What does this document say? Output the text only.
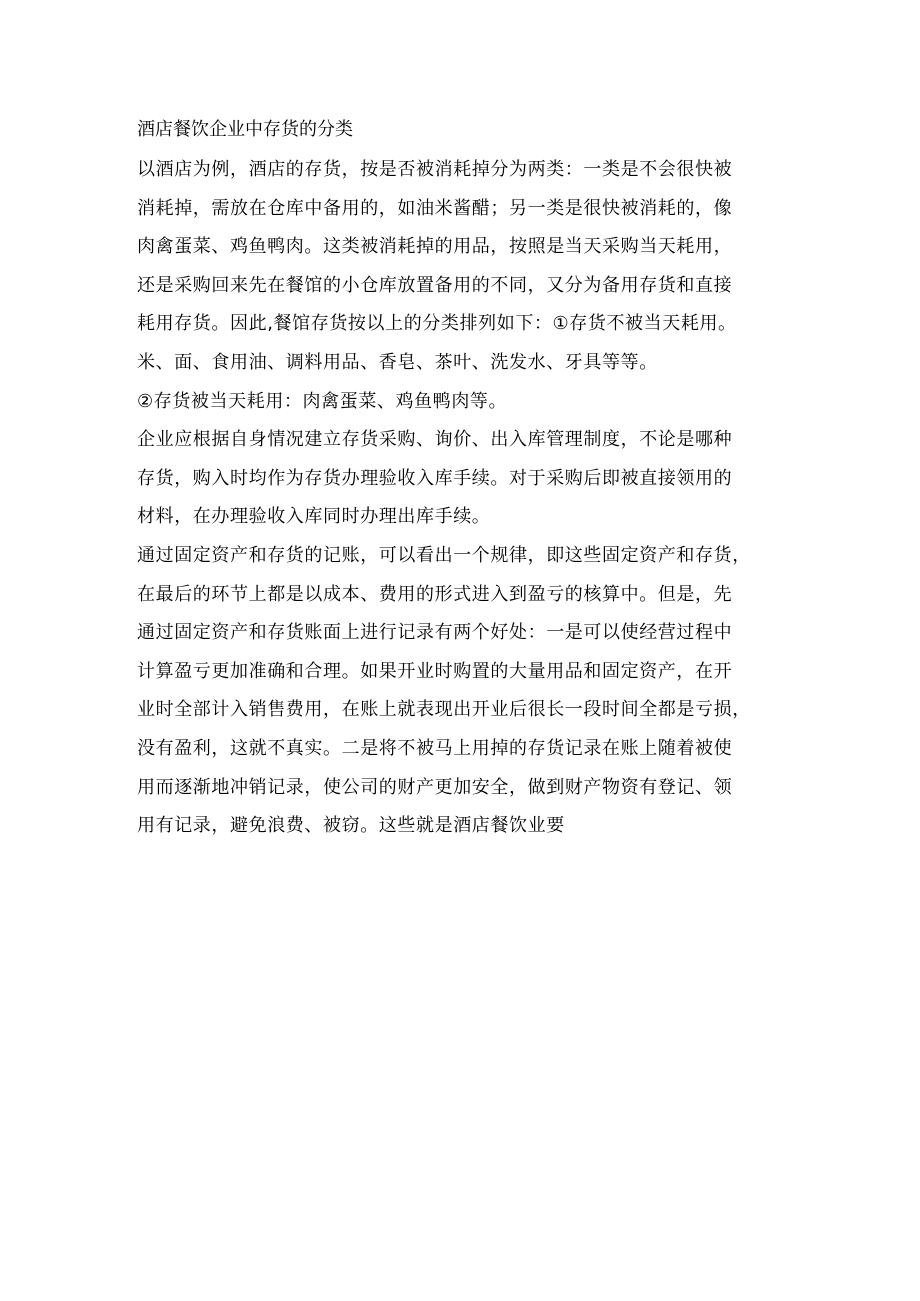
酒店餐饮企业中存货的分类

以酒店为例，酒店的存货，按是否被消耗掉分为两类：一类是不会很快被

消耗掉，需放在仓库中备用的，如油米酱醋；另一类是很快被消耗的，像

肉禽蛋菜、鸡鱼鸭肉。这类被消耗掉的用品，按照是当天采购当天耗用，

还是采购回来先在餐馆的小仓库放置备用的不同，又分为备用存货和直接

耗用存货。因此,餐馆存货按以上的分类排列如下：①存货不被当天耗用。

米、面、食用油、调料用品、香皂、茶叶、洗发水、牙具等等。

②存货被当天耗用：肉禽蛋菜、鸡鱼鸭肉等。

企业应根据自身情况建立存货采购、询价、出入库管理制度，不论是哪种

存货，购入时均作为存货办理验收入库手续。对于采购后即被直接领用的

材料，在办理验收入库同时办理出库手续。

通过固定资产和存货的记账，可以看出一个规律，即这些固定资产和存货，

在最后的环节上都是以成本、费用的形式进入到盈亏的核算中。但是，先

通过固定资产和存货账面上进行记录有两个好处：一是可以使经营过程中

计算盈亏更加准确和合理。如果开业时购置的大量用品和固定资产，在开

业时全部计入销售费用，在账上就表现出开业后很长一段时间全都是亏损，

没有盈利，这就不真实。二是将不被马上用掉的存货记录在账上随着被使

用而逐渐地冲销记录，使公司的财产更加安全，做到财产物资有登记、领

用有记录，避免浪费、被窃。这些就是酒店餐饮业要
